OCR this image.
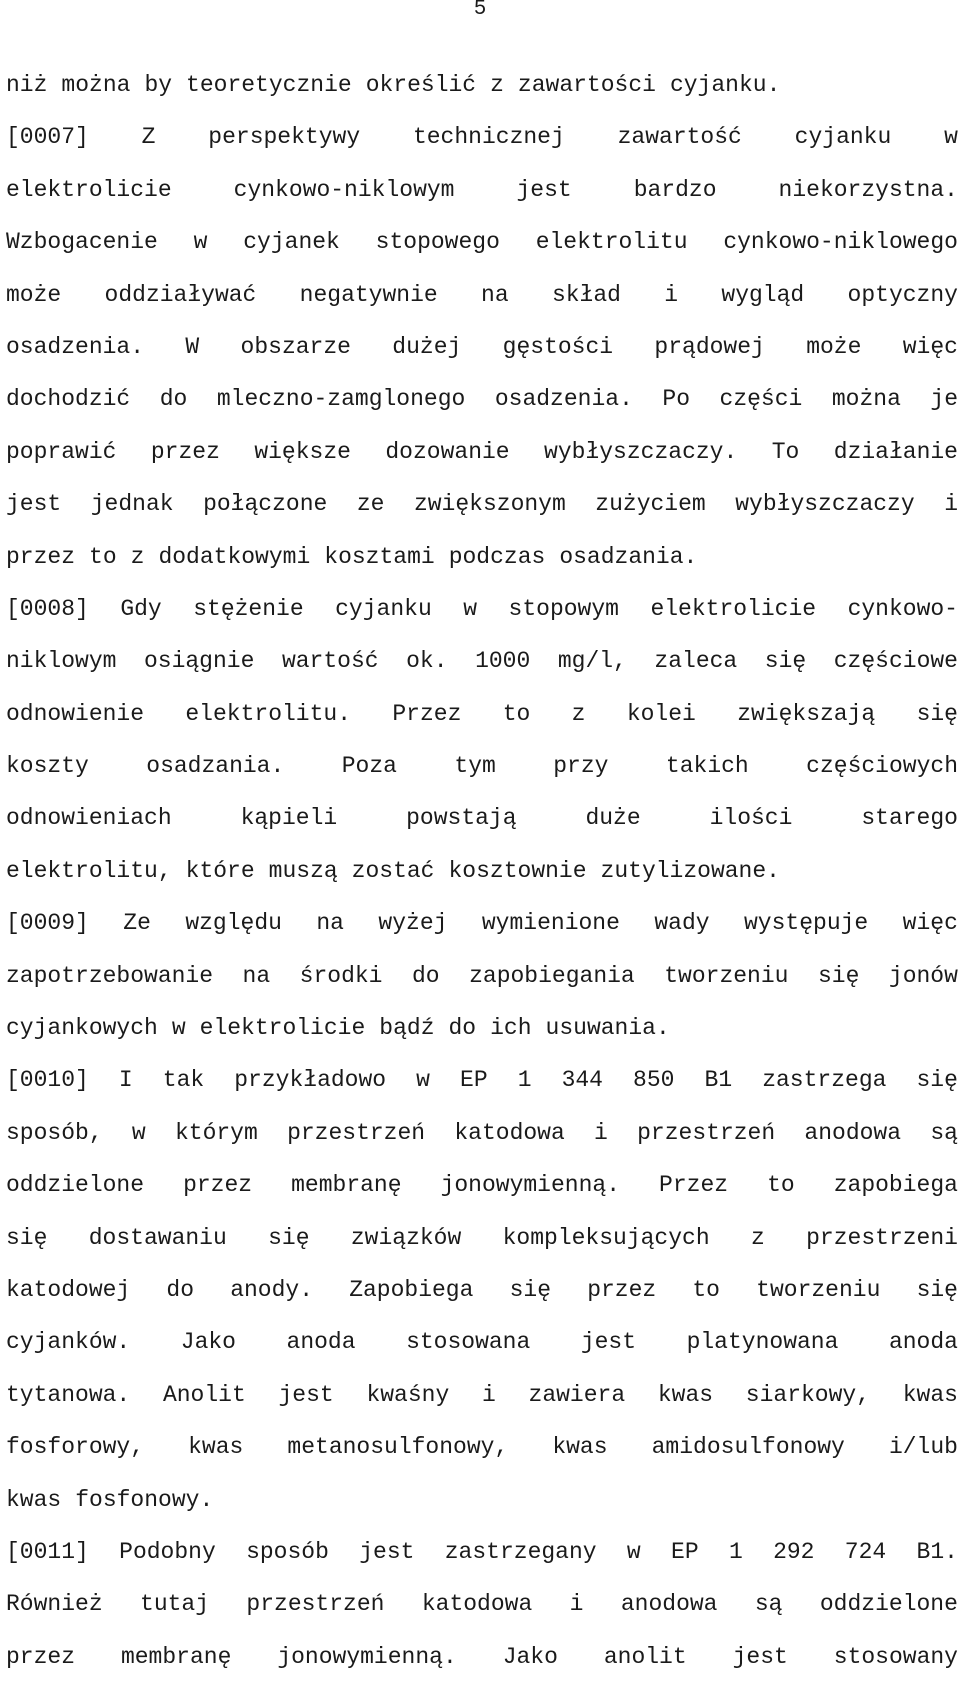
5
niż można by teoretycznie określić z zawartości cyjanku.
[0007] Z perspektywy technicznej zawartość cyjanku w
elektrolicie	cynkowo-niklowym	jest	bardzo	niekorzystna.
Wzbogacenie w cyjanek stopowego elektrolitu cynkowo-niklowego
może oddziaływać negatywnie na skład i wygląd optyczny
osadzenia. W obszarze dużej gęstości prądowej może więc
dochodzić do mleczno-zamglonego osadzenia. Po części można je
poprawić przez większe dozowanie wybłyszczaczy. To działanie
jest jednak połączone ze zwiększonym zużyciem wybłyszczaczy i
przez to z dodatkowymi kosztami podczas osadzania.
[0008] Gdy stężenie cyjanku w stopowym elektrolicie cynkowo-
niklowym osiągnie wartość ok. 1000 mg/l, zaleca się częściowe
odnowienie elektrolitu. Przez to z kolei zwiększają się
koszty osadzania. Poza tym przy takich częściowych
odnowieniach	kąpieli	powstają	duże	ilości	starego
elektrolitu, które muszą zostać kosztownie zutylizowane.
[0009] Ze względu na wyżej wymienione wady występuje więc
zapotrzebowanie na środki do zapobiegania tworzeniu się jonów
cyjankowych w elektrolicie bądź do ich usuwania.
[0010] I tak przykładowo w EP 1 344 850 B1 zastrzega się
sposób, w którym przestrzeń katodowa i przestrzeń anodowa są
oddzielone przez membranę jonowymienną. Przez to zapobiega
się dostawaniu się związków kompleksujących z przestrzeni
katodowej do anody. Zapobiega się przez to tworzeniu się
cyjanków. Jako anoda stosowana jest platynowana anoda
tytanowa. Anolit jest kwaśny i zawiera kwas siarkowy, kwas
fosforowy, kwas metanosulfonowy, kwas amidosulfonowy i/lub
kwas fosfonowy.
[0011] Podobny sposób jest zastrzegany w EP 1 292 724 B1.
Również tutaj przestrzeń katodowa i anodowa są oddzielone
przez membranę jonowymienną. Jako anolit jest stosowany
